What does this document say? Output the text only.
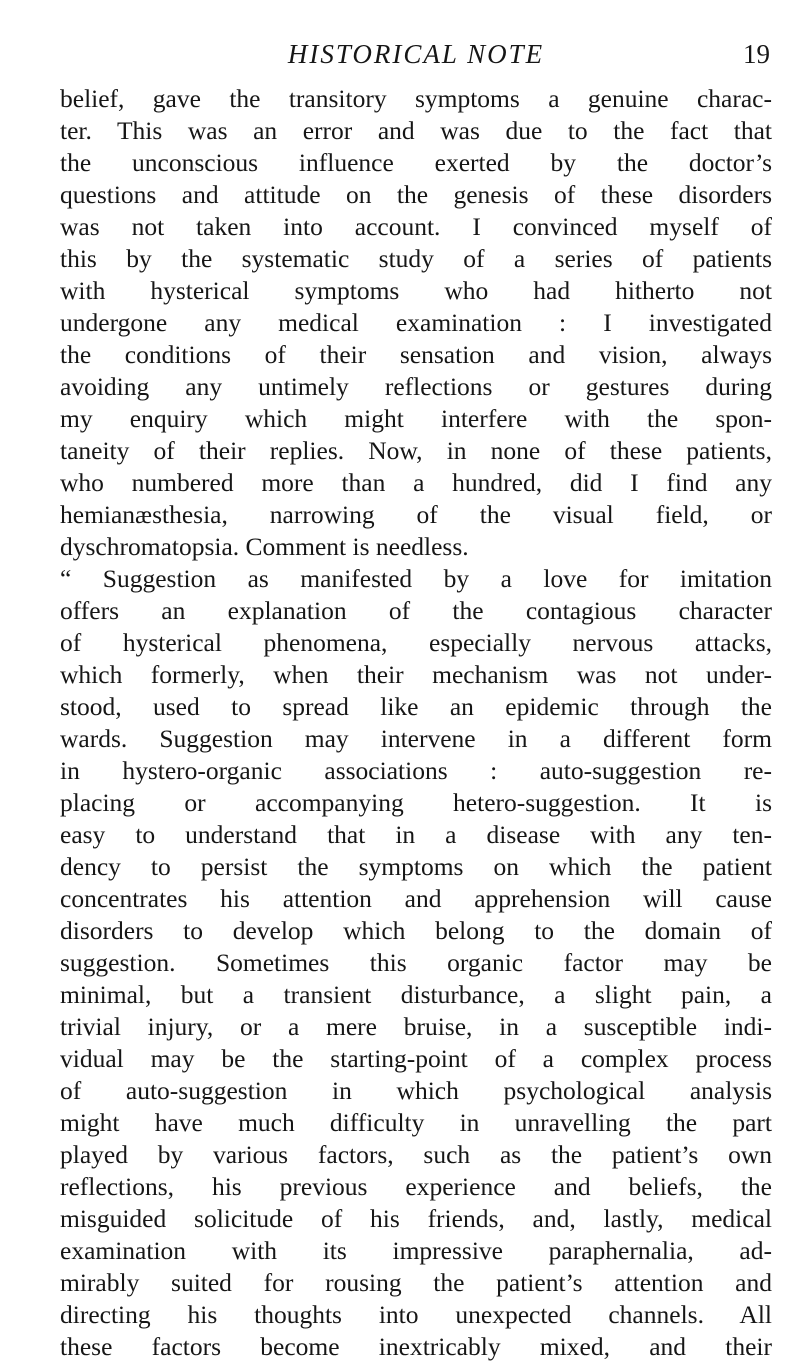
HISTORICAL NOTE	19
belief, gave the transitory symptoms a genuine charac-
ter. This was an error and was due to the fact that
the unconscious influence exerted by the doctor’s
questions and attitude on the genesis of these disorders
was not taken into account. I convinced myself of
this by the systematic study of a series of patients
with hysterical symptoms who had hitherto not
undergone any medical examination : I investigated
the conditions of their sensation and vision, always
avoiding any untimely reflections or gestures during
my enquiry which might interfere with the spon-
taneity of their replies. Now, in none of these patients,
who numbered more than a hundred, did I find any
hemianæsthesia, narrowing of the visual field, or
dyschromatopsia. Comment is needless.
“ Suggestion as manifested by a love for imitation
offers an explanation of the contagious character
of hysterical phenomena, especially nervous attacks,
which formerly, when their mechanism was not under-
stood, used to spread like an epidemic through the
wards. Suggestion may intervene in a different form
in hystero-organic associations : auto-suggestion re-
placing or accompanying hetero-suggestion. It is
easy to understand that in a disease with any ten-
dency to persist the symptoms on which the patient
concentrates his attention and apprehension will cause
disorders to develop which belong to the domain of
suggestion. Sometimes this organic factor may be
minimal, but a transient disturbance, a slight pain, a
trivial injury, or a mere bruise, in a susceptible indi-
vidual may be the starting-point of a complex process
of auto-suggestion in which psychological analysis
might have much difficulty in unravelling the part
played by various factors, such as the patient’s own
reflections, his previous experience and beliefs, the
misguided solicitude of his friends, and, lastly, medical
examination with its impressive paraphernalia, ad-
mirably suited for rousing the patient’s attention and
directing his thoughts into unexpected channels. All
these factors become inextricably mixed, and their
